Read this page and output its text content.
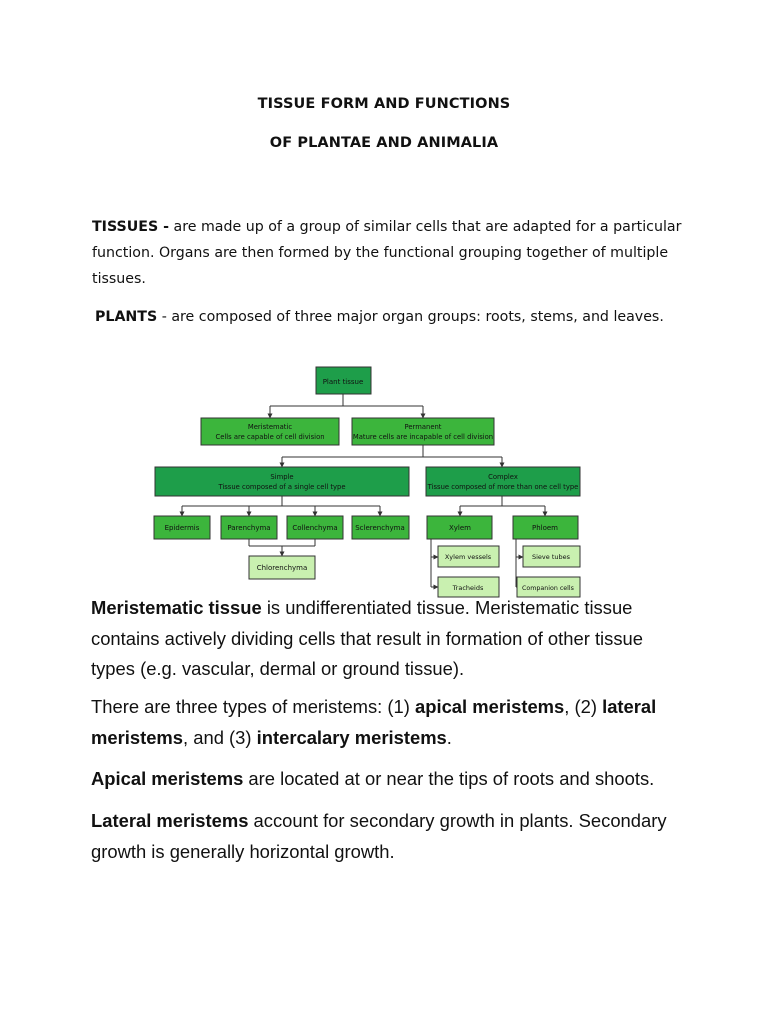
TISSUE FORM AND FUNCTIONS
OF PLANTAE AND ANIMALIA
TISSUES - are made up of a group of similar cells that are adapted for a particular
function. Organs are then formed by the functional grouping together of multiple
tissues.
PLANTS - are composed of three major organ groups: roots, stems, and leaves.
Plant tissue
Meristematic
Cells are capable of cell division
Permanent
Mature cells are incapable of cell division
Simple
Tissue composed of a single cell type
Complex
Tissue composed of more than one cell type
Epidermis	Parenchyma	Collenchyma	Sclerenchyma
Chlorenchyma
Xylem	Phloem
Xylem vessels
Tracheids
Sieve tubes
Companion cells
Meristematic tissue is undifferentiated tissue. Meristematic tissue
contains actively dividing cells that result in formation of other tissue
types (e.g. vascular, dermal or ground tissue).
There are three types of meristems: (1) apical meristems, (2) lateral
meristems, and (3) intercalary meristems.
Apical meristems are located at or near the tips of roots and shoots.
Lateral meristems account for secondary growth in plants. Secondary
growth is generally horizontal growth.
